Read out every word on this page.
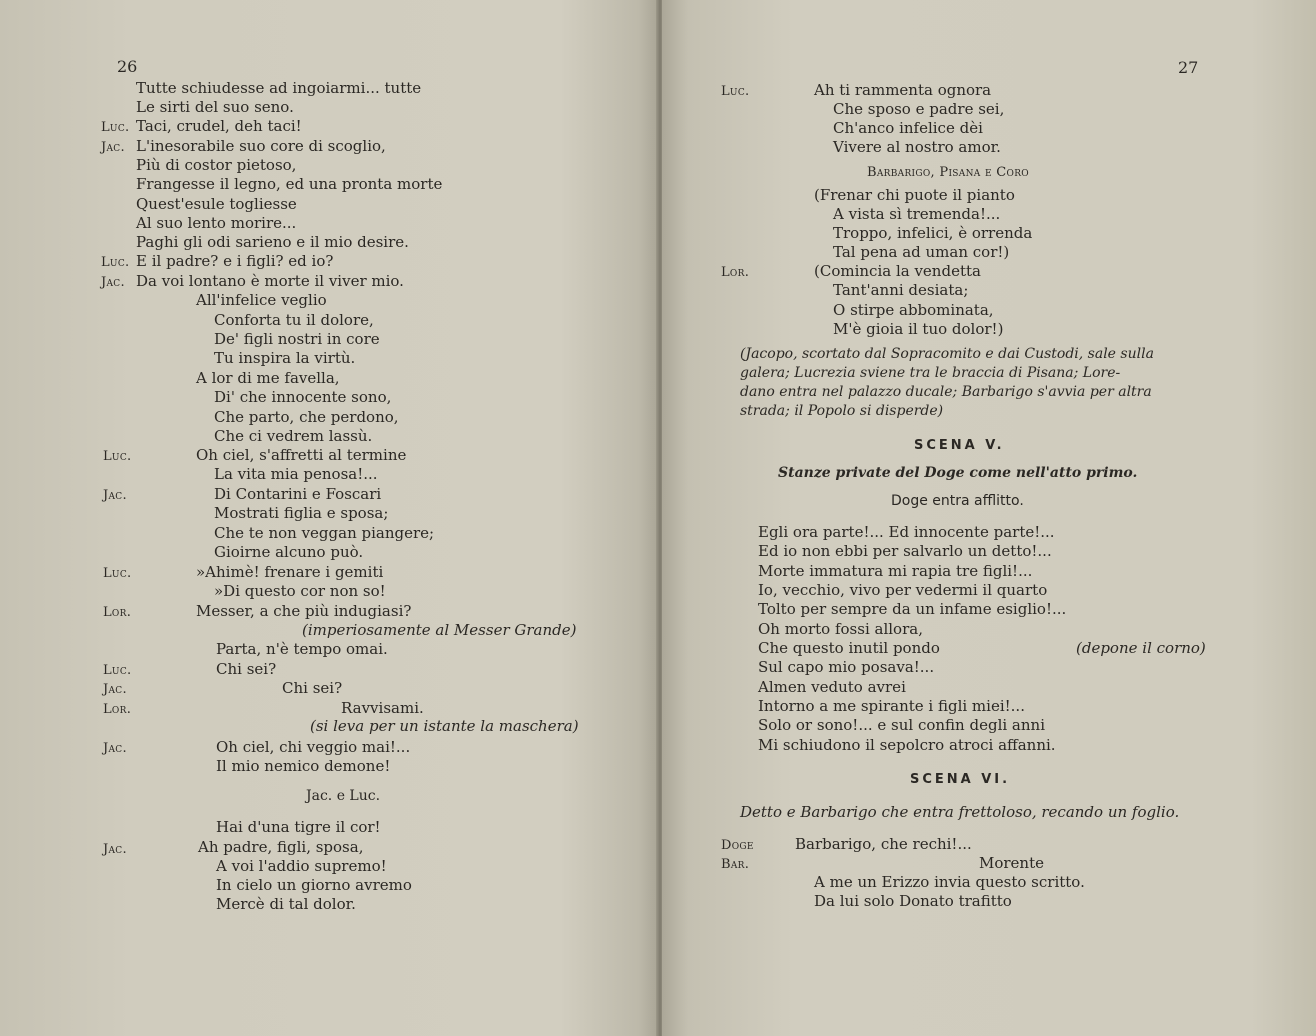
26
Tutte schiudesse ad ingoiarmi... tutte
Le sirti del suo seno.
Luc. Taci, crudel, deh taci!
Jac. L'inesorabile suo core di scoglio,
Più di costor pietoso,
Frangesse il legno, ed una pronta morte
Quest'esule togliesse
Al suo lento morire...
Paghi gli odi sarieno e il mio desire.
Luc. E il padre? e i figli? ed io?
Jac. Da voi lontano è morte il viver mio.
All'infelice veglio
Conforta tu il dolore,
De' figli nostri in core
Tu inspira la virtù.
A lor di me favella,
Di' che innocente sono,
Che parto, che perdono,
Che ci vedrem lassù.
Luc.	Oh ciel, s'affretti al termine
La vita mia penosa!...
Jac.	Di Contarini e Foscari
Mostrati figlia e sposa;
Che te non veggan piangere;
Gioirne alcuno può.
Luc.	»Ahimè! frenare i gemiti
»Di questo cor non so!
Lor.	Messer, a che più indugiasi?
(imperiosamente al Messer Grande)
Parta, n'è tempo omai.
Luc.	Chi sei?
Jac.	Chi sei?
Lor.	Ravvisami.
(si leva per un istante la maschera)
Jac.	Oh ciel, chi veggio mai!...
Il mio nemico demone!
Jac. e Luc.
Hai d'una tigre il cor!
Jac.	Ah padre, figli, sposa,
A voi l'addio supremo!
In cielo un giorno avremo
Mercè di tal dolor.
27
Luc.	Ah ti rammenta ognora
Che sposo e padre sei,
Ch'anco infelice dèi
Vivere al nostro amor.
Barbarigo, Pisana e Coro
(Frenar chi puote il pianto
A vista sì tremenda!...
Troppo, infelici, è orrenda
Tal pena ad uman cor!)
Lor.	(Comincia la vendetta
Tant'anni desiata;
O stirpe abbominata,
M'è gioia il tuo dolor!)
(Jacopo, scortato dal Sopracomito e dai Custodi, sale sulla
galera; Lucrezia sviene tra le braccia di Pisana; Lore-
dano entra nel palazzo ducale; Barbarigo s'avvia per altra
strada; il Popolo si disperde)
SCENA V.
Stanze private del Doge come nell'atto primo.
Doge entra afflitto.
Egli ora parte!... Ed innocente parte!...
Ed io non ebbi per salvarlo un detto!...
Morte immatura mi rapia tre figli!...
Io, vecchio, vivo per vedermi il quarto
Tolto per sempre da un infame esiglio!...
Oh morto fossi allora,
Che questo inutil pondo	(depone il corno)
Sul capo mio posava!...
Almen veduto avrei
Intorno a me spirante i figli miei!...
Solo or sono!... e sul confin degli anni
Mi schiudono il sepolcro atroci affanni.
SCENA VI.
Detto e Barbarigo che entra frettoloso, recando un foglio.
Doge	Barbarigo, che rechi!...
Bar.	Morente
A me un Erizzo invia questo scritto.
Da lui solo Donato trafitto
